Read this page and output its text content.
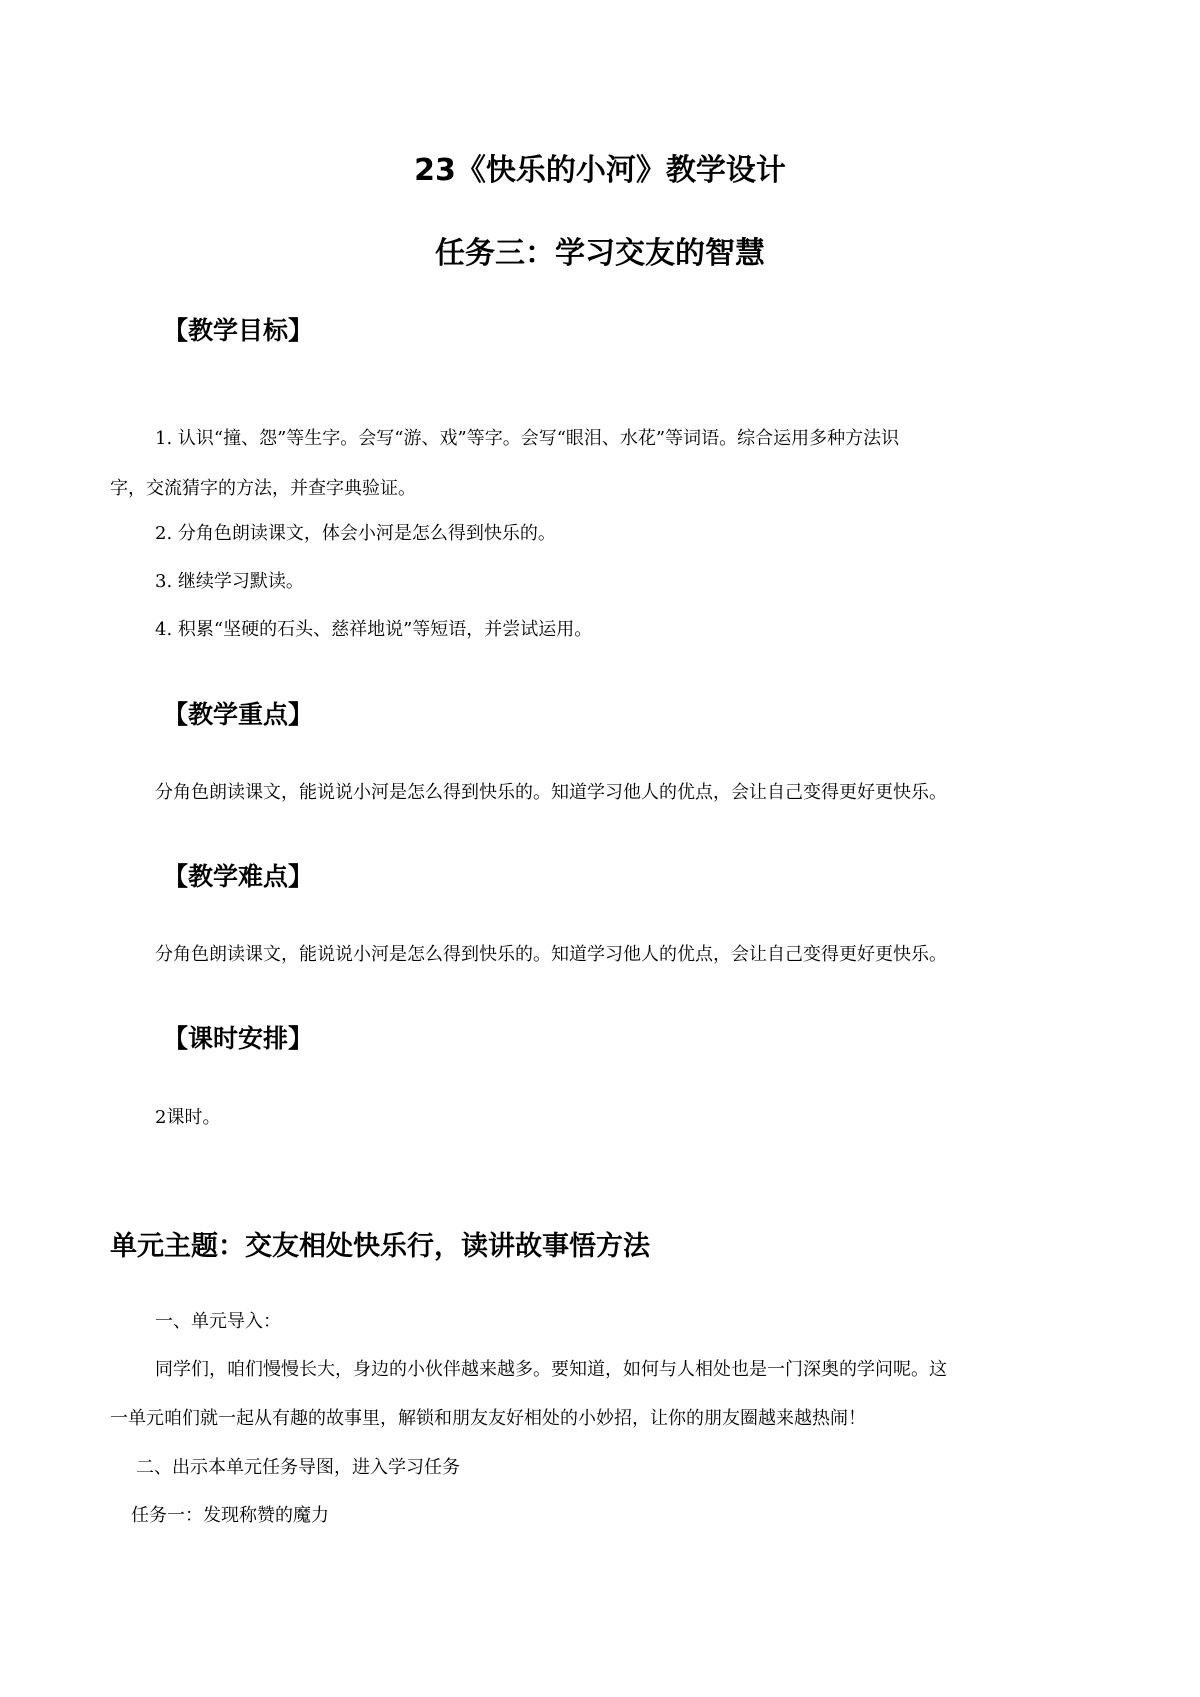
23《快乐的小河》教学设计
任务三：学习交友的智慧
【教学目标】
1. 认识“撞、怨”等生字。会写“游、戏”等字。会写“眼泪、水花”等词语。综合运用多种方法识
字，交流猜字的方法，并查字典验证。
2. 分角色朗读课文，体会小河是怎么得到快乐的。
3. 继续学习默读。
4. 积累“坚硬的石头、慈祥地说”等短语，并尝试运用。
【教学重点】
分角色朗读课文，能说说小河是怎么得到快乐的。知道学习他人的优点，会让自己变得更好更快乐。
【教学难点】
分角色朗读课文，能说说小河是怎么得到快乐的。知道学习他人的优点，会让自己变得更好更快乐。
【课时安排】
2课时。
单元主题：交友相处快乐行，读讲故事悟方法
一、单元导入：
同学们，咱们慢慢长大，身边的小伙伴越来越多。要知道，如何与人相处也是一门深奥的学问呢。这
一单元咱们就一起从有趣的故事里，解锁和朋友友好相处的小妙招，让你的朋友圈越来越热闹！
二、出示本单元任务导图，进入学习任务
任务一：发现称赞的魔力
